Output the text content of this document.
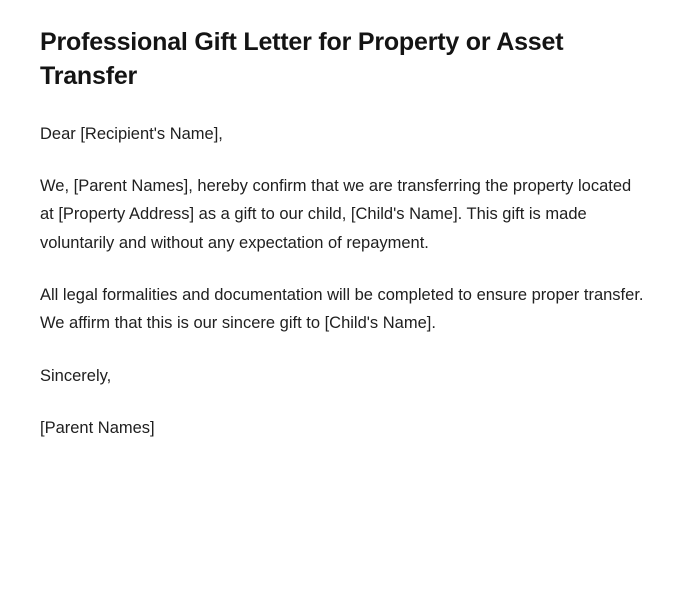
Professional Gift Letter for Property or Asset Transfer

Dear [Recipient's Name],

We, [Parent Names], hereby confirm that we are transferring the property located at [Property Address] as a gift to our child, [Child's Name]. This gift is made voluntarily and without any expectation of repayment.

All legal formalities and documentation will be completed to ensure proper transfer. We affirm that this is our sincere gift to [Child's Name].

Sincerely,

[Parent Names]
